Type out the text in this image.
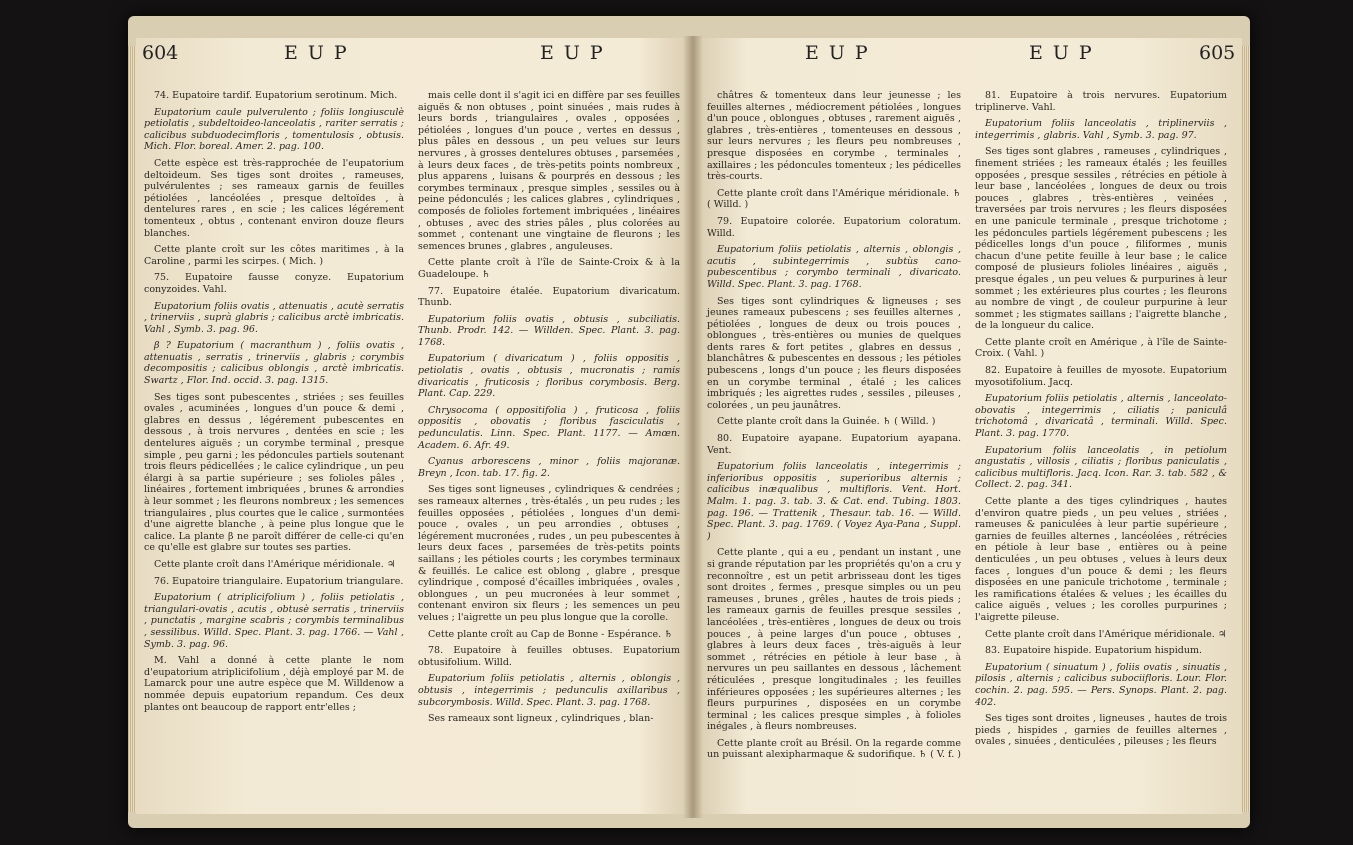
604	EUP	EUP

74. Eupatoire tardif. Eupatorium serotinum. Mich.

Eupatorium caule pulverulento ; foliis longiusculè petiolatis , subdeltoideo-lanceolatis , rariter serratis ; calicibus subduodecimfloris , tomentulosis , obtusis. Mich. Flor. boreal. Amer. 2. pag. 100.

Cette espèce est très-rapprochée de l'eupatorium deltoideum. Ses tiges sont droites , rameuses, pulvérulentes ; ses rameaux garnis de feuilles pétiolées , lancéolées , presque deltoïdes , à dentelures rares , en scie ; les calices légérement tomenteux , obtus , contenant environ douze fleurs blanches.

Cette plante croît sur les côtes maritimes , à la Caroline , parmi les scirpes. ( Mich. )

75. Eupatoire fausse conyze. Eupatorium conyzoides. Vahl.

Eupatorium foliis ovatis , attenuatis , acutè serratis , trinerviis , suprà glabris ; calicibus arctè imbricatis. Vahl , Symb. 3. pag. 96.

β ? Eupatorium ( macranthum ) , foliis ovatis , attenuatis , serratis , trinerviis , glabris ; corymbis decompositis ; calicibus oblongis , arctè imbricatis. Swartz , Flor. Ind. occid. 3. pag. 1315.

Ses tiges sont pubescentes , striées ; ses feuilles ovales , acuminées , longues d'un pouce & demi , glabres en dessus , légérement pubescentes en dessous , à trois nervures , dentées en scie ; les dentelures aiguës ; un corymbe terminal , presque simple , peu garni ; les pédoncules partiels soutenant trois fleurs pédicellées ; le calice cylindrique , un peu élargi à sa partie supérieure ; ses folioles pâles , linéaires , fortement imbriquées , brunes & arrondies à leur sommet ; les fleurons nombreux ; les semences triangulaires , plus courtes que le calice , surmontées d'une aigrette blanche , à peine plus longue que le calice. La plante β ne paroît différer de celle-ci qu'en ce qu'elle est glabre sur toutes ses parties.

Cette plante croît dans l'Amérique méridionale. ♃

76. Eupatoire triangulaire. Eupatorium triangulare.

Eupatorium ( atriplicifolium ) , foliis petiolatis , triangulari-ovatis , acutis , obtusè serratis , trinerviis , punctatis , margine scabris ; corymbis terminalibus , sessilibus. Willd. Spec. Plant. 3. pag. 1766. — Vahl , Symb. 3. pag. 96.

M. Vahl a donné à cette plante le nom d'eupatorium atriplicifolium , déjà employé par M. de Lamarck pour une autre espèce que M. Willdenow a nommée depuis eupatorium repandum. Ces deux plantes ont beaucoup de rapport entr'elles ;

mais celle dont il s'agit ici en diffère par ses feuilles aiguës & non obtuses , point sinuées , mais rudes à leurs bords , triangulaires , ovales , opposées , pétiolées , longues d'un pouce , vertes en dessus , plus pâles en dessous , un peu velues sur leurs nervures , à grosses dentelures obtuses , parsemées , à leurs deux faces , de très-petits points nombreux , plus apparens , luisans & pourprés en dessous ; les corymbes terminaux , presque simples , sessiles ou à peine pédonculés ; les calices glabres , cylindriques , composés de folioles fortement imbriquées , linéaires , obtuses , avec des stries pâles , plus colorées au sommet , contenant une vingtaine de fleurons ; les semences brunes , glabres , anguleuses.

Cette plante croît à l'île de Sainte-Croix & à la Guadeloupe. ♄

77. Eupatoire étalée. Eupatorium divaricatum. Thunb.

Eupatorium foliis ovatis , obtusis , subciliatis. Thunb. Prodr. 142. — Willden. Spec. Plant. 3. pag. 1768.

Eupatorium ( divaricatum ) , foliis oppositis , petiolatis , ovatis , obtusis , mucronatis ; ramis divaricatis , fruticosis ; floribus corymbosis. Berg. Plant. Cap. 229.

Chrysocoma ( oppositifolia ) , fruticosa , foliis oppositis , obovatis ; floribus fasciculatis , pedunculatis. Linn. Spec. Plant. 1177. — Amœn. Academ. 6. Afr. 49.

Cyanus arborescens , minor , foliis majoranæ. Breyn , Icon. tab. 17. fig. 2.

Ses tiges sont ligneuses , cylindriques & cendrées ; ses rameaux alternes , très-étalés , un peu rudes ; les feuilles opposées , pétiolées , longues d'un demi-pouce , ovales , un peu arrondies , obtuses , légérement mucronées , rudes , un peu pubescentes à leurs deux faces , parsemées de très-petits points saillans ; les pétioles courts ; les corymbes terminaux & feuillés. Le calice est oblong , glabre , presque cylindrique , composé d'écailles imbriquées , ovales , oblongues , un peu mucronées à leur sommet , contenant environ six fleurs ; les semences un peu velues ; l'aigrette un peu plus longue que la corolle.

Cette plante croît au Cap de Bonne - Espérance. ♄

78. Eupatoire à feuilles obtuses. Eupatorium obtusifolium. Willd.

Eupatorium foliis petiolatis , alternis , oblongis , obtusis , integerrimis ; pedunculis axillaribus , subcorymbosis. Willd. Spec. Plant. 3. pag. 1768.

Ses rameaux sont ligneux , cylindriques , blan-

EUP	EUP	605

châtres & tomenteux dans leur jeunesse ; les feuilles alternes , médiocrement pétiolées , longues d'un pouce , oblongues , obtuses , rarement aiguës , glabres , très-entières , tomenteuses en dessous , sur leurs nervures ; les fleurs peu nombreuses , presque disposées en corymbe , terminales , axillaires ; les pédoncules tomenteux ; les pédicelles très-courts.

Cette plante croît dans l'Amérique méridionale. ♄ ( Willd. )

79. Eupatoire colorée. Eupatorium coloratum. Willd.

Eupatorium foliis petiolatis , alternis , oblongis , acutis , subintegerrimis , subtùs cano-pubescentibus ; corymbo terminali , divaricato. Willd. Spec. Plant. 3. pag. 1768.

Ses tiges sont cylindriques & ligneuses ; ses jeunes rameaux pubescens ; ses feuilles alternes , pétiolées , longues de deux ou trois pouces , oblongues , très-entières ou munies de quelques dents rares & fort petites , glabres en dessus , blanchâtres & pubescentes en dessous ; les pétioles pubescens , longs d'un pouce ; les fleurs disposées en un corymbe terminal , étalé ; les calices imbriqués ; les aigrettes rudes , sessiles , pileuses , colorées , un peu jaunâtres.

Cette plante croît dans la Guinée. ♄ ( Willd. )

80. Eupatoire ayapane. Eupatorium ayapana. Vent.

Eupatorium foliis lanceolatis , integerrimis ; inferioribus oppositis , superioribus alternis ; calicibus inæqualibus , multifloris. Vent. Hort. Malm. 1. pag. 3. tab. 3. & Cat. end. Tubing. 1803. pag. 196. — Trattenik , Thesaur. tab. 16. — Willd. Spec. Plant. 3. pag. 1769. ( Voyez Aya-Pana , Suppl. )

Cette plante , qui a eu , pendant un instant , une si grande réputation par les propriétés qu'on a cru y reconnoître , est un petit arbrisseau dont les tiges sont droites , fermes , presque simples ou un peu rameuses , brunes , grêles , hautes de trois pieds ; les rameaux garnis de feuilles presque sessiles , lancéolées , très-entières , longues de deux ou trois pouces , à peine larges d'un pouce , obtuses , glabres à leurs deux faces , très-aiguës à leur sommet , rétrécies en pétiole à leur base , à nervures un peu saillantes en dessous , lâchement réticulées , presque longitudinales ; les feuilles inférieures opposées ; les supérieures alternes ; les fleurs purpurines , disposées en un corymbe terminal ; les calices presque simples , à folioles inégales , à fleurs nombreuses.

Cette plante croît au Brésil. On la regarde comme un puissant alexipharmaque & sudorifique. ♄ ( V. f. )

81. Eupatoire à trois nervures. Eupatorium triplinerve. Vahl.

Eupatorium foliis lanceolatis , triplinerviis , integerrimis , glabris. Vahl , Symb. 3. pag. 97.

Ses tiges sont glabres , rameuses , cylindriques , finement striées ; les rameaux étalés ; les feuilles opposées , presque sessiles , rétrécies en pétiole à leur base , lancéolées , longues de deux ou trois pouces , glabres , très-entières , veinées , traversées par trois nervures ; les fleurs disposées en une panicule terminale , presque trichotome ; les pédoncules partiels légérement pubescens ; les pédicelles longs d'un pouce , filiformes , munis chacun d'une petite feuille à leur base ; le calice composé de plusieurs folioles linéaires , aiguës , presque égales , un peu velues & purpurines à leur sommet ; les extérieures plus courtes ; les fleurons au nombre de vingt , de couleur purpurine à leur sommet ; les stigmates saillans ; l'aigrette blanche , de la longueur du calice.

Cette plante croît en Amérique , à l'île de Sainte-Croix. ( Vahl. )

82. Eupatoire à feuilles de myosote. Eupatorium myosotifolium. Jacq.

Eupatorium foliis petiolatis , alternis , lanceolato-obovatis , integerrimis , ciliatis ; paniculâ trichotomâ , divaricatâ , terminali. Willd. Spec. Plant. 3. pag. 1770.

Eupatorium foliis lanceolatis , in petiolum angustatis , villosis , ciliatis ; floribus paniculatis , calicibus multifloris. Jacq. Icon. Rar. 3. tab. 582 , & Collect. 2. pag. 341.

Cette plante a des tiges cylindriques , hautes d'environ quatre pieds , un peu velues , striées , rameuses & paniculées à leur partie supérieure , garnies de feuilles alternes , lancéolées , rétrécies en pétiole à leur base , entières ou à peine denticulées , un peu obtuses , velues à leurs deux faces , longues d'un pouce & demi ; les fleurs disposées en une panicule trichotome , terminale ; les ramifications étalées & velues ; les écailles du calice aiguës , velues ; les corolles purpurines ; l'aigrette pileuse.

Cette plante croît dans l'Amérique méridionale. ♃

83. Eupatoire hispide. Eupatorium hispidum.

Eupatorium ( sinuatum ) , foliis ovatis , sinuatis , pilosis , alternis ; calicibus subociifloris. Lour. Flor. cochin. 2. pag. 595. — Pers. Synops. Plant. 2. pag. 402.

Ses tiges sont droites , ligneuses , hautes de trois pieds , hispides , garnies de feuilles alternes , ovales , sinuées , denticulées , pileuses ; les fleurs
